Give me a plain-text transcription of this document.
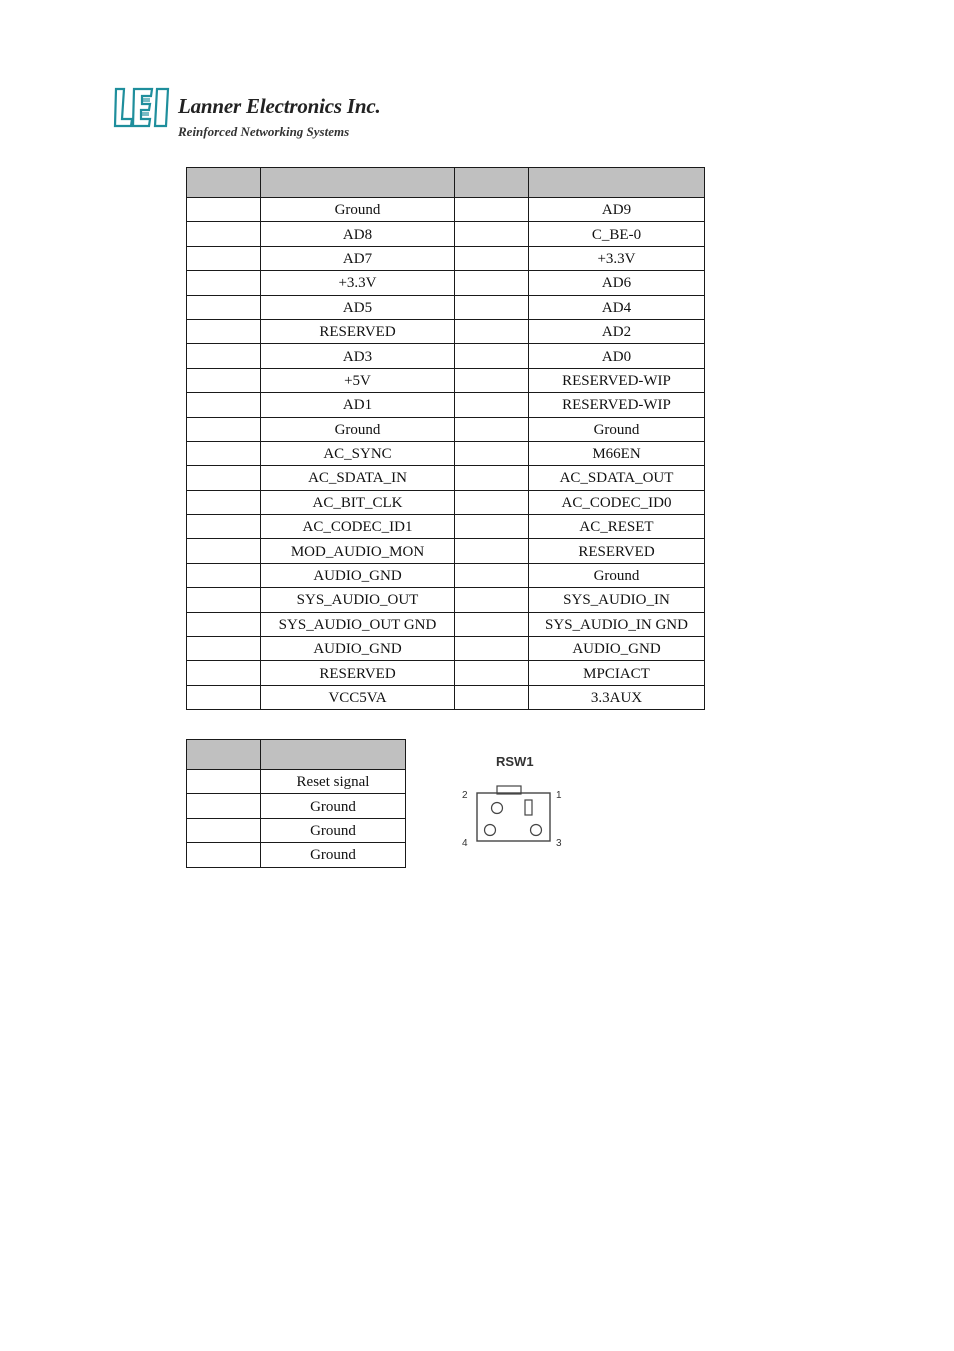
Lanner Electronics Inc.
Reinforced Networking Systems

	Ground		AD9
	AD8		C_BE-0
	AD7		+3.3V
	+3.3V		AD6
	AD5		AD4
	RESERVED		AD2
	AD3		AD0
	+5V		RESERVED-WIP
	AD1		RESERVED-WIP
	Ground		Ground
	AC_SYNC		M66EN
	AC_SDATA_IN		AC_SDATA_OUT
	AC_BIT_CLK		AC_CODEC_ID0
	AC_CODEC_ID1		AC_RESET
	MOD_AUDIO_MON		RESERVED
	AUDIO_GND		Ground
	SYS_AUDIO_OUT		SYS_AUDIO_IN
	SYS_AUDIO_OUT GND		SYS_AUDIO_IN GND
	AUDIO_GND		AUDIO_GND
	RESERVED		MPCIACT
	VCC5VA		3.3AUX

	Reset signal
	Ground
	Ground
	Ground
RSW1
1
2
3
4
